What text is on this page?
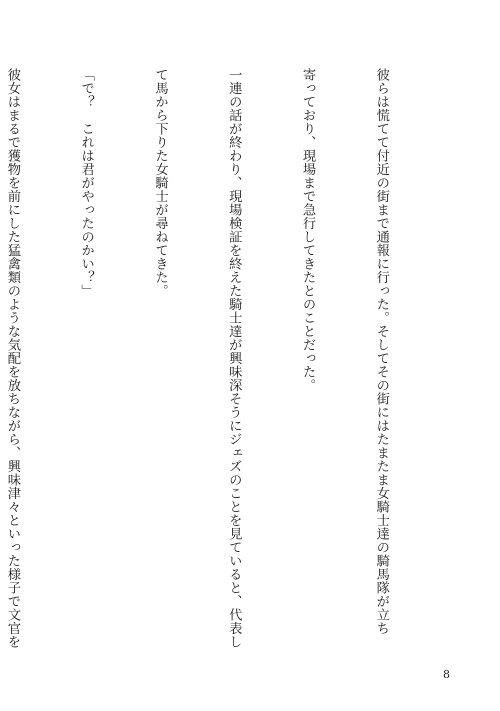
彼らは慌てて付近の街まで通報に行った。そしてその街にはたまたま女騎士達の騎馬隊が立ち

寄っており、現場まで急行してきたとのことだった。

一連の話が終わり、現場検証を終えた騎士達が興味深そうにジェズのことを見ていると、代表し

て馬から下りた女騎士が尋ねてきた。

「で？　これは君がやったのかい？」

彼女はまるで獲物を前にした猛禽類のような気配を放ちながら、興味津々といった様子で文官を

8
